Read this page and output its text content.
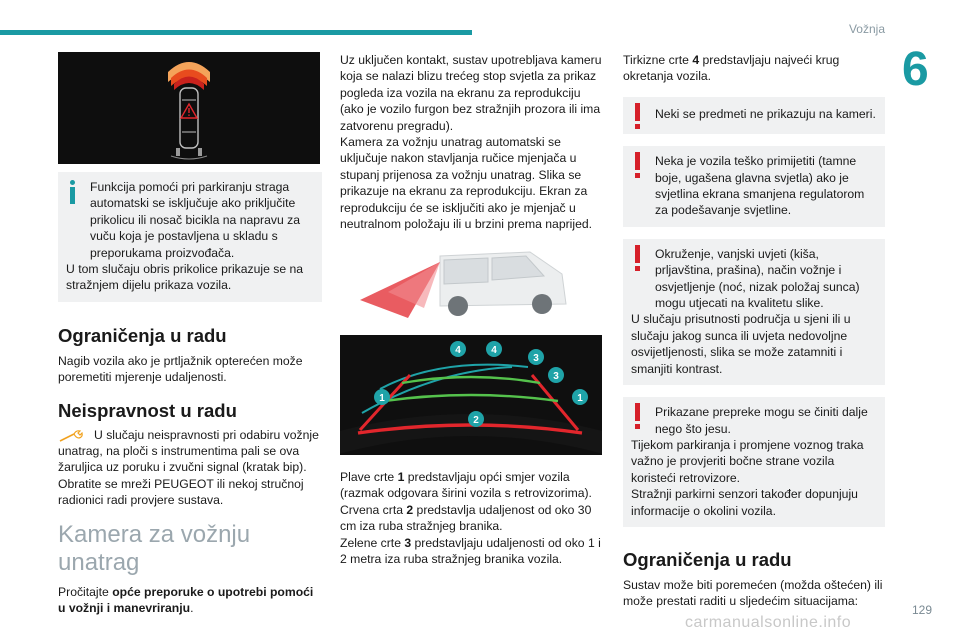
Vožnja
6

Funkcija pomoći pri parkiranju straga automatski se isključuje ako priključite prikolicu ili nosač bicikla na napravu za vuču koja je postavljena u skladu s preporukama proizvođača.

U tom slučaju obris prikolice prikazuje se na stražnjem dijelu prikaza vozila.

Ograničenja u radu

Nagib vozila ako je prtljažnik opterećen može poremetiti mjerenje udaljenosti.

Neispravnost u radu

U slučaju neispravnosti pri odabiru vožnje unatrag, na ploči s instrumentima pali se ova žaruljica uz poruku i zvučni signal (kratak bip).

Obratite se mreži PEUGEOT ili nekoj stručnoj radionici radi provjere sustava.

Kamera za vožnju unatrag

Pročitajte opće preporuke o upotrebi pomoći u vožnji i manevriranju.

Uz uključen kontakt, sustav upotrebljava kameru koja se nalazi blizu trećeg stop svjetla za prikaz pogleda iza vozila na ekranu za reprodukciju (ako je vozilo furgon bez stražnjih prozora ili ima zatvorenu pregradu).

Kamera za vožnju unatrag automatski se uključuje nakon stavljanja ručice mjenjača u stupanj prijenosa za vožnju unatrag. Slika se prikazuje na ekranu za reprodukciju. Ekran za reprodukciju će se isključiti ako je mjenjač u neutralnom položaju ili u brzini prema naprijed.

4	4
3
3
1	1
2

Plave crte 1 predstavljaju opći smjer vozila (razmak odgovara širini vozila s retrovizorima).

Crvena crta 2 predstavlja udaljenost od oko 30 cm iza ruba stražnjeg branika.

Zelene crte 3 predstavljaju udaljenosti od oko 1 i 2 metra iza ruba stražnjeg branika vozila.

Tirkizne crte 4 predstavljaju najveći krug okretanja vozila.

Neki se predmeti ne prikazuju na kameri.

Neka je vozila teško primijetiti (tamne boje, ugašena glavna svjetla) ako je svjetlina ekrana smanjena regulatorom za podešavanje svjetline.

Okruženje, vanjski uvjeti (kiša, prljavština, prašina), način vožnje i osvjetljenje (noć, nizak položaj sunca) mogu utjecati na kvalitetu slike.

U slučaju prisutnosti područja u sjeni ili u slučaju jakog sunca ili uvjeta nedovoljne osvijetljenosti, slika se može zatamniti i smanjiti kontrast.

Prikazane prepreke mogu se činiti dalje nego što jesu.

Tijekom parkiranja i promjene voznog traka važno je provjeriti bočne strane vozila koristeći retrovizore.

Stražnji parkirni senzori također dopunjuju informacije o okolini vozila.

Ograničenja u radu

Sustav može biti poremećen (možda oštećen) ili može prestati raditi u sljedećim situacijama:

129
carmanualsonline.info
